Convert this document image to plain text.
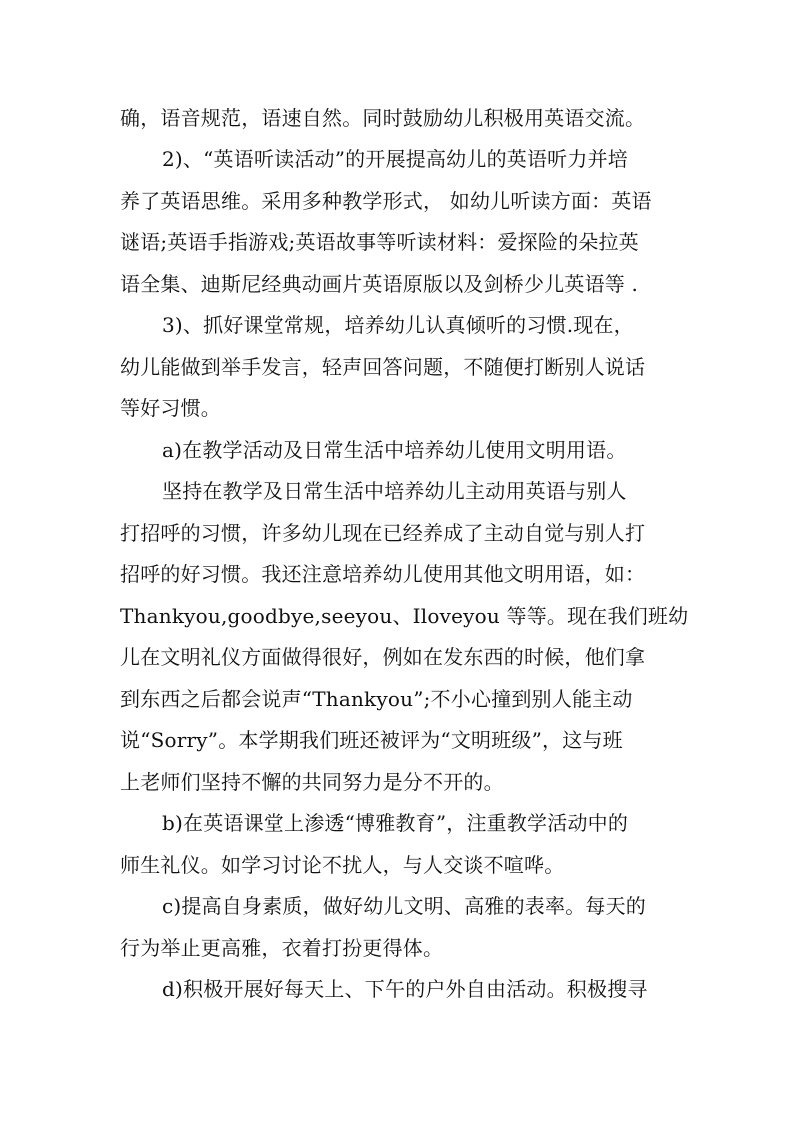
确，语音规范，语速自然。同时鼓励幼儿积极用英语交流。
2)、“英语听读活动”的开展提高幼儿的英语听力并培
养了英语思维。采用多种教学形式， 如幼儿听读方面：英语
谜语;英语手指游戏;英语故事等听读材料：爱探险的朵拉英
语全集、迪斯尼经典动画片英语原版以及剑桥少儿英语等 .
3)、抓好课堂常规，培养幼儿认真倾听的习惯.现在，
幼儿能做到举手发言，轻声回答问题，不随便打断别人说话
等好习惯。
a)在教学活动及日常生活中培养幼儿使用文明用语。
坚持在教学及日常生活中培养幼儿主动用英语与别人
打招呼的习惯，许多幼儿现在已经养成了主动自觉与别人打
招呼的好习惯。我还注意培养幼儿使用其他文明用语，如：
Thankyou,goodbye,seeyou、Iloveyou 等等。现在我们班幼
儿在文明礼仪方面做得很好，例如在发东西的时候，他们拿
到东西之后都会说声“Thankyou”;不小心撞到别人能主动
说“Sorry”。本学期我们班还被评为“文明班级”，这与班
上老师们坚持不懈的共同努力是分不开的。
b)在英语课堂上渗透“博雅教育”，注重教学活动中的
师生礼仪。如学习讨论不扰人，与人交谈不喧哗。
c)提高自身素质，做好幼儿文明、高雅的表率。每天的
行为举止更高雅，衣着打扮更得体。
d)积极开展好每天上、下午的户外自由活动。积极搜寻
